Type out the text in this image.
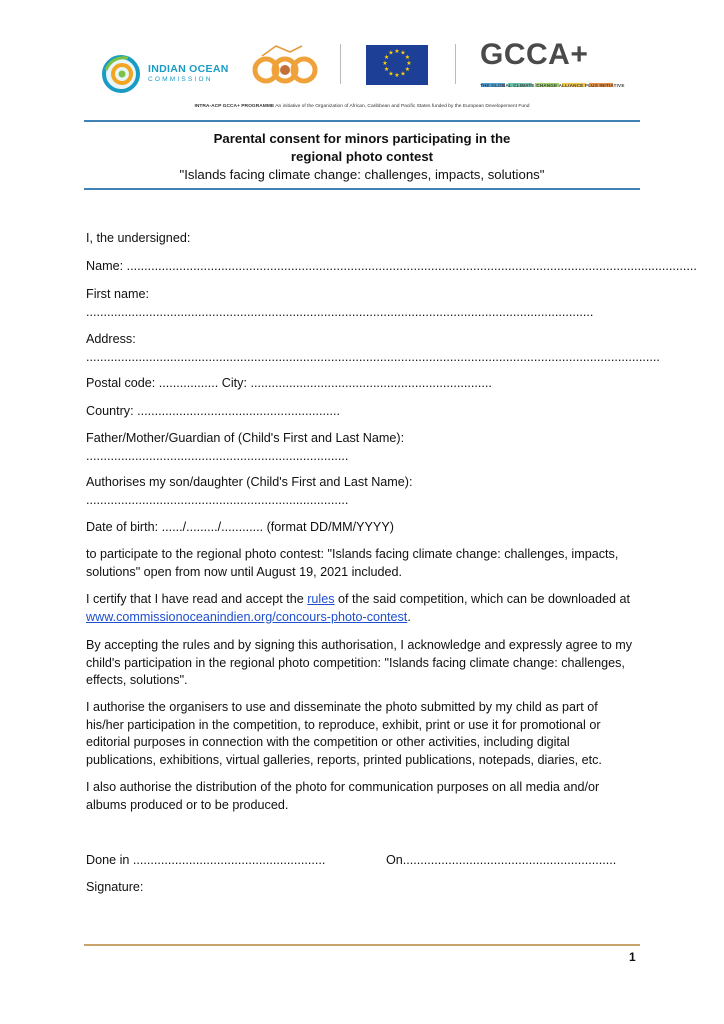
INDIAN OCEAN
COMMISSION
★ ★
★
★
★
★
★
★
★
★
★
★	GCCA+
THE GLOBAL CLIMATE CHANGE ALLIANCE PLUS INITIATIVE
INTRA-ACP GCCA+ PROGRAMME An initiative of the Organization of African, Caribbean and Pacific States funded by the European Developement Fund
Parental consent for minors participating in the
regional photo contest
"Islands facing climate change: challenges, impacts, solutions"
I, the undersigned:
Name: ...................................................................................................................................................................
First name:
.................................................................................................................................................
Address:
....................................................................................................................................................................
Postal code: ................. City: .....................................................................
Country: ..........................................................
Father/Mother/Guardian of (Child's First and Last Name):
...........................................................................
Authorises my son/daughter (Child's First and Last Name):
...........................................................................
Date of birth: ....../........./............ (format DD/MM/YYYY)
to participate to the regional photo contest: "Islands facing climate change: challenges, impacts, solutions" open from now until August 19, 2021 included.
I certify that I have read and accept the rules of the said competition, which can be downloaded at www.commissionoceanindien.org/concours-photo-contest.
By accepting the rules and by signing this authorisation, I acknowledge and expressly agree to my child's participation in the regional photo competition: "Islands facing climate change: challenges, effects, solutions".
I authorise the organisers to use and disseminate the photo submitted by my child as part of his/her participation in the competition, to reproduce, exhibit, print or use it for promotional or editorial purposes in connection with the competition or other activities, including digital publications, exhibitions, virtual galleries, reports, printed publications, notepads, diaries, etc.
I also authorise the distribution of the photo for communication purposes on all media and/or albums produced or to be produced.
Done in .......................................................	On.............................................................
Signature:
1
